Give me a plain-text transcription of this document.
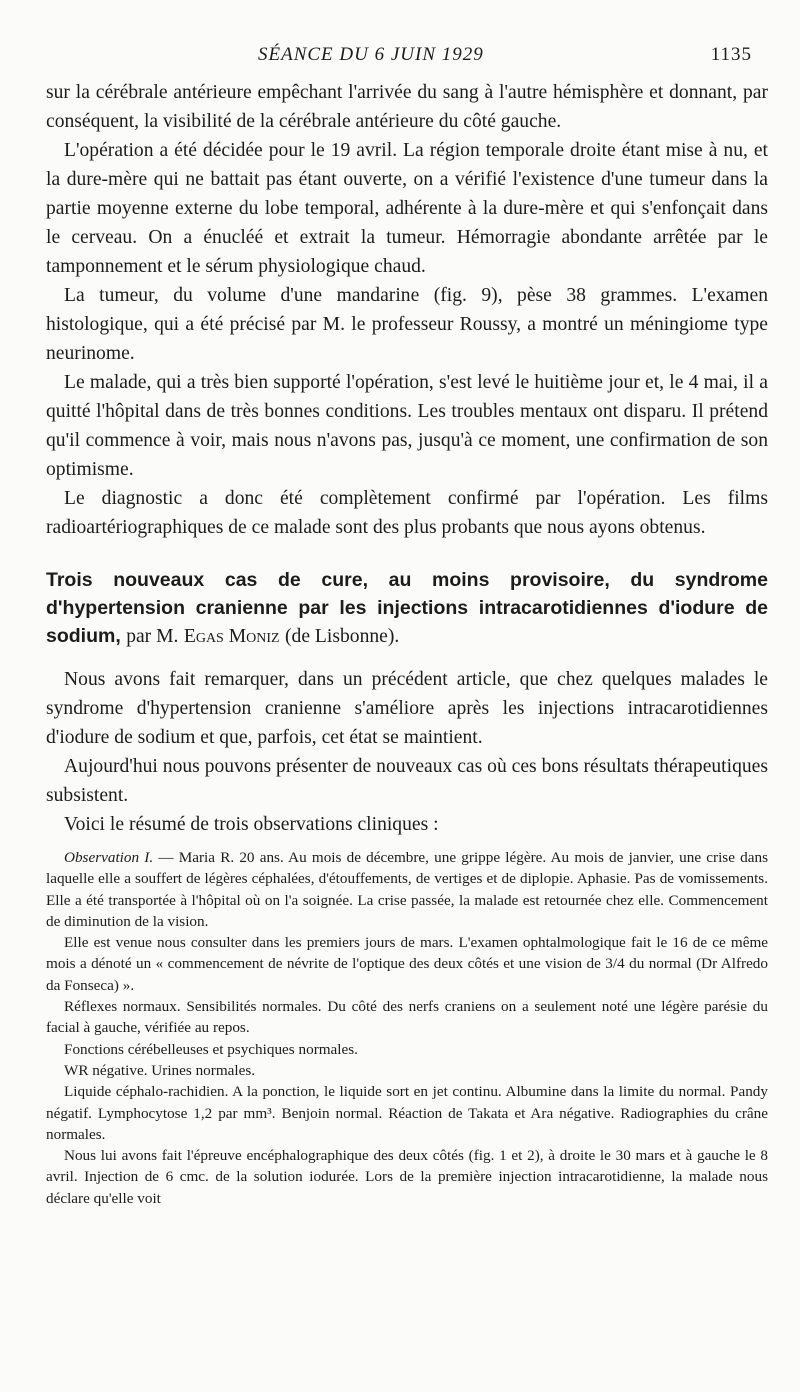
SÉANCE DU 6 JUIN 1929	1135

sur la cérébrale antérieure empêchant l'arrivée du sang à l'autre hémisphère et donnant, par conséquent, la visibilité de la cérébrale antérieure du côté gauche.

L'opération a été décidée pour le 19 avril. La région temporale droite étant mise à nu, et la dure-mère qui ne battait pas étant ouverte, on a vérifié l'existence d'une tumeur dans la partie moyenne externe du lobe temporal, adhérente à la dure-mère et qui s'enfonçait dans le cerveau. On a énucléé et extrait la tumeur. Hémorragie abondante arrêtée par le tamponnement et le sérum physiologique chaud.

La tumeur, du volume d'une mandarine (fig. 9), pèse 38 grammes. L'examen histologique, qui a été précisé par M. le professeur Roussy, a montré un méningiome type neurinome.

Le malade, qui a très bien supporté l'opération, s'est levé le huitième jour et, le 4 mai, il a quitté l'hôpital dans de très bonnes conditions. Les troubles mentaux ont disparu. Il prétend qu'il commence à voir, mais nous n'avons pas, jusqu'à ce moment, une confirmation de son optimisme.

Le diagnostic a donc été complètement confirmé par l'opération. Les films radioartériographiques de ce malade sont des plus probants que nous ayons obtenus.

Trois nouveaux cas de cure, au moins provisoire, du syndrome d'hypertension cranienne par les injections intracarotidiennes d'iodure de sodium, par M. Egas Moniz (de Lisbonne).

Nous avons fait remarquer, dans un précédent article, que chez quelques malades le syndrome d'hypertension cranienne s'améliore après les injections intracarotidiennes d'iodure de sodium et que, parfois, cet état se maintient.

Aujourd'hui nous pouvons présenter de nouveaux cas où ces bons résultats thérapeutiques subsistent.

Voici le résumé de trois observations cliniques :

Observation I. — Maria R. 20 ans. Au mois de décembre, une grippe légère. Au mois de janvier, une crise dans laquelle elle a souffert de légères céphalées, d'étouffements, de vertiges et de diplopie. Aphasie. Pas de vomissements. Elle a été transportée à l'hôpital où on l'a soignée. La crise passée, la malade est retournée chez elle. Commencement de diminution de la vision.

Elle est venue nous consulter dans les premiers jours de mars. L'examen ophtalmologique fait le 16 de ce même mois a dénoté un « commencement de névrite de l'optique des deux côtés et une vision de 3/4 du normal (Dr Alfredo da Fonseca) ».

Réflexes normaux. Sensibilités normales. Du côté des nerfs craniens on a seulement noté une légère parésie du facial à gauche, vérifiée au repos.

Fonctions cérébelleuses et psychiques normales.

WR négative. Urines normales.

Liquide céphalo-rachidien. A la ponction, le liquide sort en jet continu. Albumine dans la limite du normal. Pandy négatif. Lymphocytose 1,2 par mm³. Benjoin normal. Réaction de Takata et Ara négative. Radiographies du crâne normales.

Nous lui avons fait l'épreuve encéphalographique des deux côtés (fig. 1 et 2), à droite le 30 mars et à gauche le 8 avril. Injection de 6 cmc. de la solution iodurée. Lors de la première injection intracarotidienne, la malade nous déclare qu'elle voit
